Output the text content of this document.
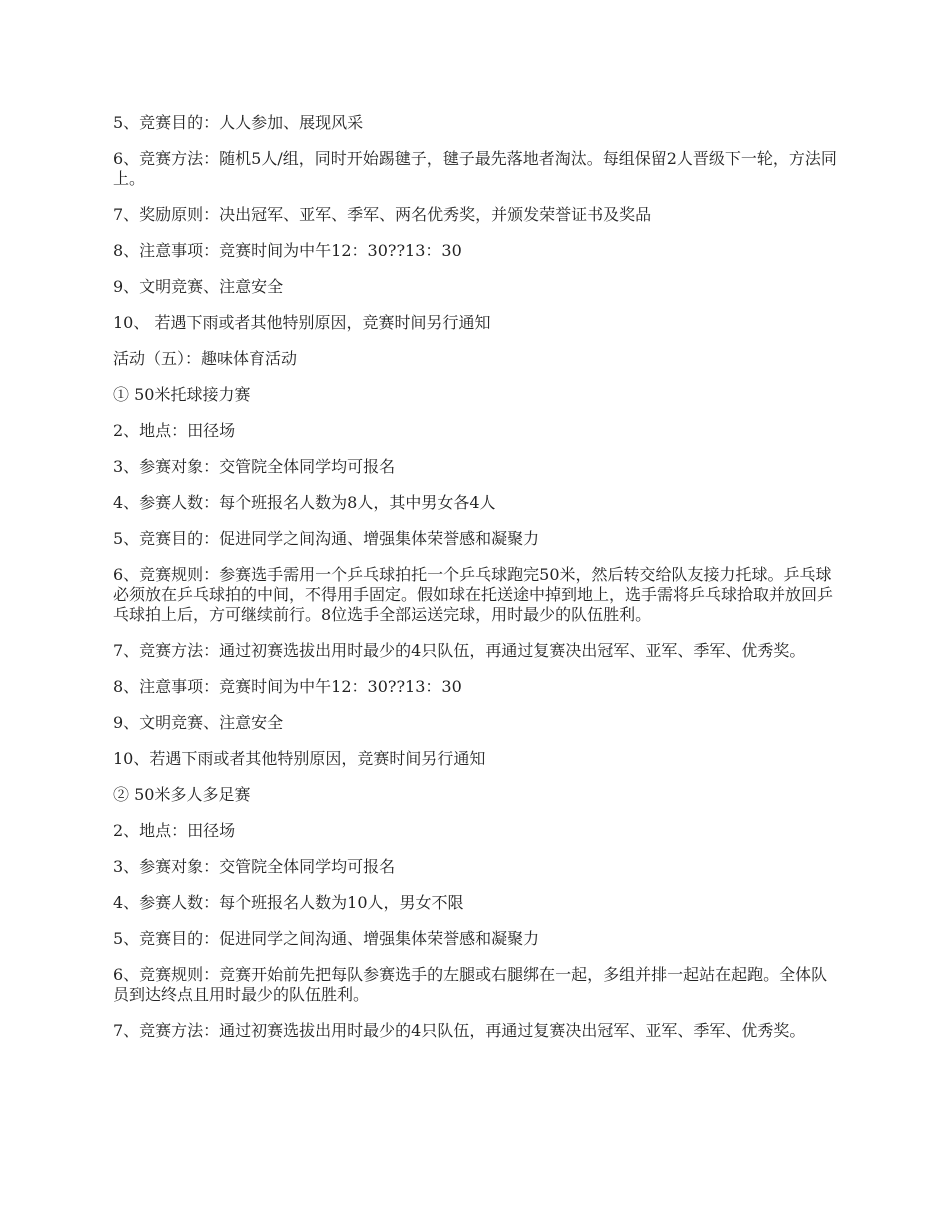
5、竞赛目的：人人参加、展现风采

6、竞赛方法：随机5人/组，同时开始踢毽子，毽子最先落地者淘汰。每组保留2人晋级下一轮，方法同上。

7、奖励原则：决出冠军、亚军、季军、两名优秀奖，并颁发荣誉证书及奖品

8、注意事项：竞赛时间为中午12：30??13：30

9、文明竞赛、注意安全

10、 若遇下雨或者其他特别原因，竞赛时间另行通知

活动（五）：趣味体育活动

① 50米托球接力赛

2、地点：田径场

3、参赛对象：交管院全体同学均可报名

4、参赛人数：每个班报名人数为8人，其中男女各4人

5、竞赛目的：促进同学之间沟通、增强集体荣誉感和凝聚力

6、竞赛规则：参赛选手需用一个乒乓球拍托一个乒乓球跑完50米，然后转交给队友接力托球。乒乓球必须放在乒乓球拍的中间，不得用手固定。假如球在托送途中掉到地上，选手需将乒乓球拾取并放回乒乓球拍上后，方可继续前行。8位选手全部运送完球，用时最少的队伍胜利。

7、竞赛方法：通过初赛选拔出用时最少的4只队伍，再通过复赛决出冠军、亚军、季军、优秀奖。

8、注意事项：竞赛时间为中午12：30??13：30

9、文明竞赛、注意安全

10、若遇下雨或者其他特别原因，竞赛时间另行通知

② 50米多人多足赛

2、地点：田径场

3、参赛对象：交管院全体同学均可报名

4、参赛人数：每个班报名人数为10人，男女不限

5、竞赛目的：促进同学之间沟通、增强集体荣誉感和凝聚力

6、竞赛规则：竞赛开始前先把每队参赛选手的左腿或右腿绑在一起，多组并排一起站在起跑。全体队员到达终点且用时最少的队伍胜利。

7、竞赛方法：通过初赛选拔出用时最少的4只队伍，再通过复赛决出冠军、亚军、季军、优秀奖。
